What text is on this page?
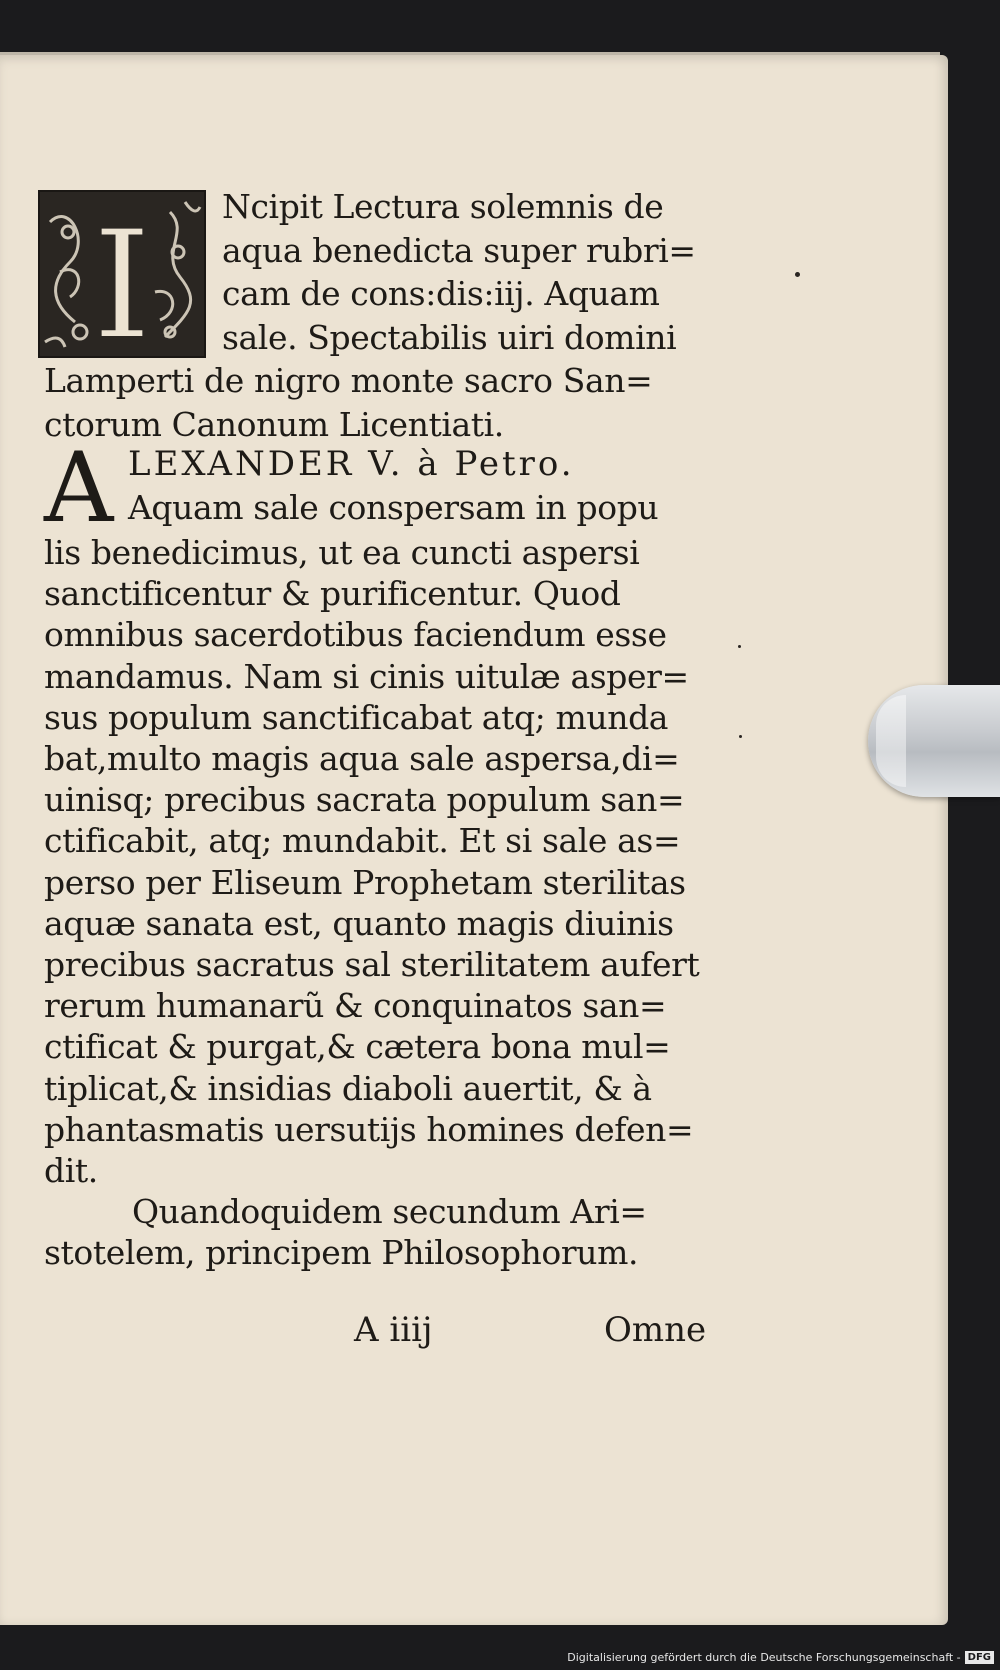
I	Ncipit Lectura solemnis de
aqua benedicta super rubri=
cam de cons:dis:iij. Aquam
sale. Spectabilis uiri domini
Lamperti de nigro monte sacro San=
ctorum Canonum Licentiati.
A LEXANDER V. à Petro.
Aquam sale conspersam in popu
lis benedicimus, ut ea cuncti aspersi
sanctificentur & purificentur. Quod
omnibus sacerdotibus faciendum esse
mandamus. Nam si cinis uitulæ asper=
sus populum sanctificabat atq; munda
bat,multo magis aqua sale aspersa,di=
uinisq; precibus sacrata populum san=
ctificabit, atq; mundabit. Et si sale as=
perso per Eliseum Prophetam sterilitas
aquæ sanata est, quanto magis diuinis
precibus sacratus sal sterilitatem aufert
rerum humanarũ & conquinatos san=
ctificat & purgat,& cætera bona mul=
tiplicat,& insidias diaboli auertit, & à
phantasmatis uersutijs homines defen=
dit.
Quandoquidem secundum Ari=
stotelem, principem Philosophorum.
A iiij	Omne
Digitalisierung gefördert durch die Deutsche Forschungsgemeinschaft - DFG
